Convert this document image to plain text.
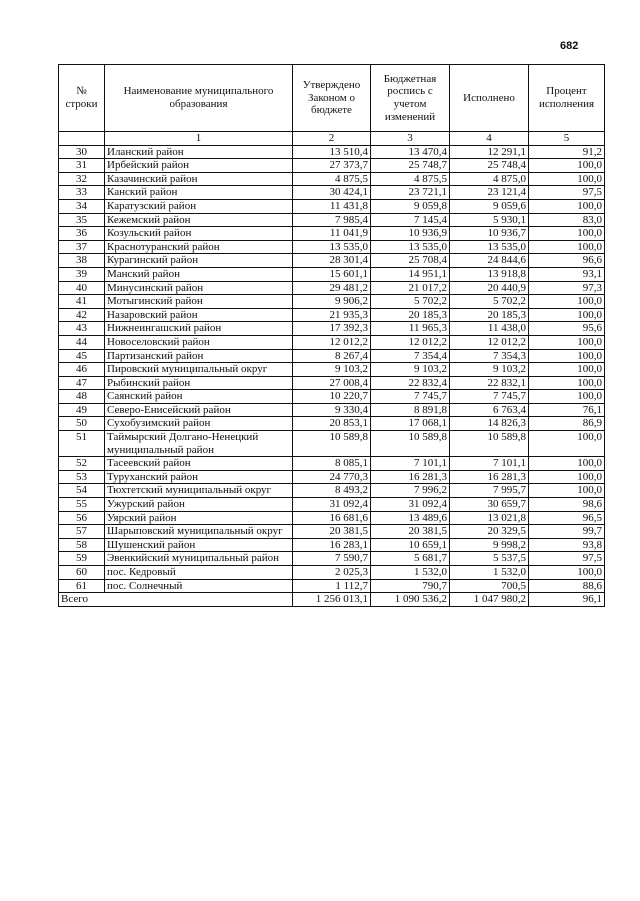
682
№ строки	Наименование муниципального образования	Утверждено Законом о бюджете	Бюджетная роспись с учетом изменений	Исполнено	Процент исполнения
	1	2	3	4	5
30	Иланский район	13 510,4	13 470,4	12 291,1	91,2
31	Ирбейский район	27 373,7	25 748,7	25 748,4	100,0
32	Казачинский район	4 875,5	4 875,5	4 875,0	100,0
33	Канский район	30 424,1	23 721,1	23 121,4	97,5
34	Каратузский район	11 431,8	9 059,8	9 059,6	100,0
35	Кежемский район	7 985,4	7 145,4	5 930,1	83,0
36	Козульский район	11 041,9	10 936,9	10 936,7	100,0
37	Краснотуранский район	13 535,0	13 535,0	13 535,0	100,0
38	Курагинский район	28 301,4	25 708,4	24 844,6	96,6
39	Манский район	15 601,1	14 951,1	13 918,8	93,1
40	Минусинский район	29 481,2	21 017,2	20 440,9	97,3
41	Мотыгинский район	9 906,2	5 702,2	5 702,2	100,0
42	Назаровский район	21 935,3	20 185,3	20 185,3	100,0
43	Нижнеингашский район	17 392,3	11 965,3	11 438,0	95,6
44	Новоселовский район	12 012,2	12 012,2	12 012,2	100,0
45	Партизанский район	8 267,4	7 354,4	7 354,3	100,0
46	Пировский муниципальный округ	9 103,2	9 103,2	9 103,2	100,0
47	Рыбинский район	27 008,4	22 832,4	22 832,1	100,0
48	Саянский район	10 220,7	7 745,7	7 745,7	100,0
49	Северо-Енисейский район	9 330,4	8 891,8	6 763,4	76,1
50	Сухобузимский район	20 853,1	17 068,1	14 826,3	86,9
51	Таймырский Долгано-Ненецкий муниципальный район	10 589,8	10 589,8	10 589,8	100,0
52	Тасеевский район	8 085,1	7 101,1	7 101,1	100,0
53	Туруханский район	24 770,3	16 281,3	16 281,3	100,0
54	Тюхтетский муниципальный округ	8 493,2	7 996,2	7 995,7	100,0
55	Ужурский район	31 092,4	31 092,4	30 659,7	98,6
56	Уярский район	16 681,6	13 489,6	13 021,8	96,5
57	Шарыповский муниципальный округ	20 381,5	20 381,5	20 329,5	99,7
58	Шушенский район	16 283,1	10 659,1	9 998,2	93,8
59	Эвенкийский муниципальный район	7 590,7	5 681,7	5 537,5	97,5
60	пос. Кедровый	2 025,3	1 532,0	1 532,0	100,0
61	пос. Солнечный	1 112,7	790,7	700,5	88,6
Всего		1 256 013,1	1 090 536,2	1 047 980,2	96,1
